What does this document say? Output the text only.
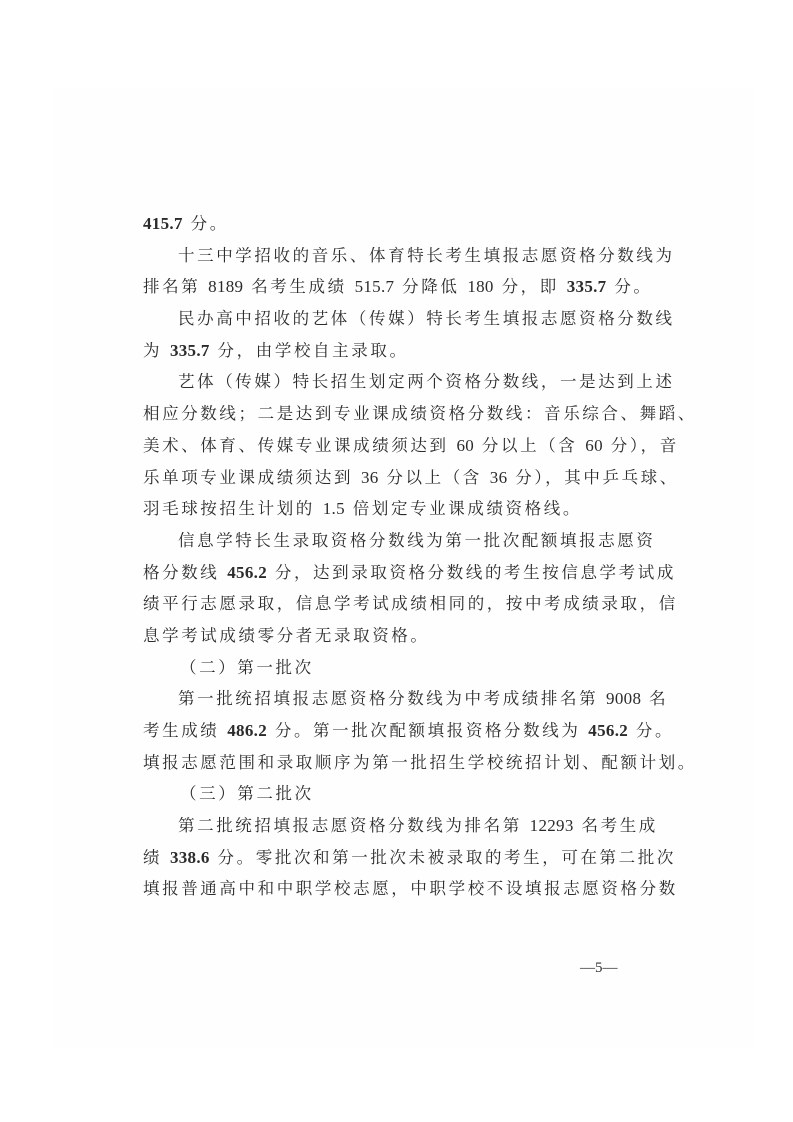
415.7 分。
十三中学招收的音乐、体育特长考生填报志愿资格分数线为
排名第 8189 名考生成绩 515.7 分降低 180 分，即 335.7 分。
民办高中招收的艺体（传媒）特长考生填报志愿资格分数线
为 335.7 分，由学校自主录取。
艺体（传媒）特长招生划定两个资格分数线，一是达到上述
相应分数线；二是达到专业课成绩资格分数线：音乐综合、舞蹈、
美术、体育、传媒专业课成绩须达到 60 分以上（含 60 分），音
乐单项专业课成绩须达到 36 分以上（含 36 分），其中乒乓球、
羽毛球按招生计划的 1.5 倍划定专业课成绩资格线。
信息学特长生录取资格分数线为第一批次配额填报志愿资
格分数线 456.2 分，达到录取资格分数线的考生按信息学考试成
绩平行志愿录取，信息学考试成绩相同的，按中考成绩录取，信
息学考试成绩零分者无录取资格。
（二）第一批次
第一批统招填报志愿资格分数线为中考成绩排名第 9008 名
考生成绩 486.2 分。第一批次配额填报资格分数线为 456.2 分。
填报志愿范围和录取顺序为第一批招生学校统招计划、配额计划。
（三）第二批次
第二批统招填报志愿资格分数线为排名第 12293 名考生成
绩 338.6 分。零批次和第一批次未被录取的考生，可在第二批次
填报普通高中和中职学校志愿，中职学校不设填报志愿资格分数
—5—
